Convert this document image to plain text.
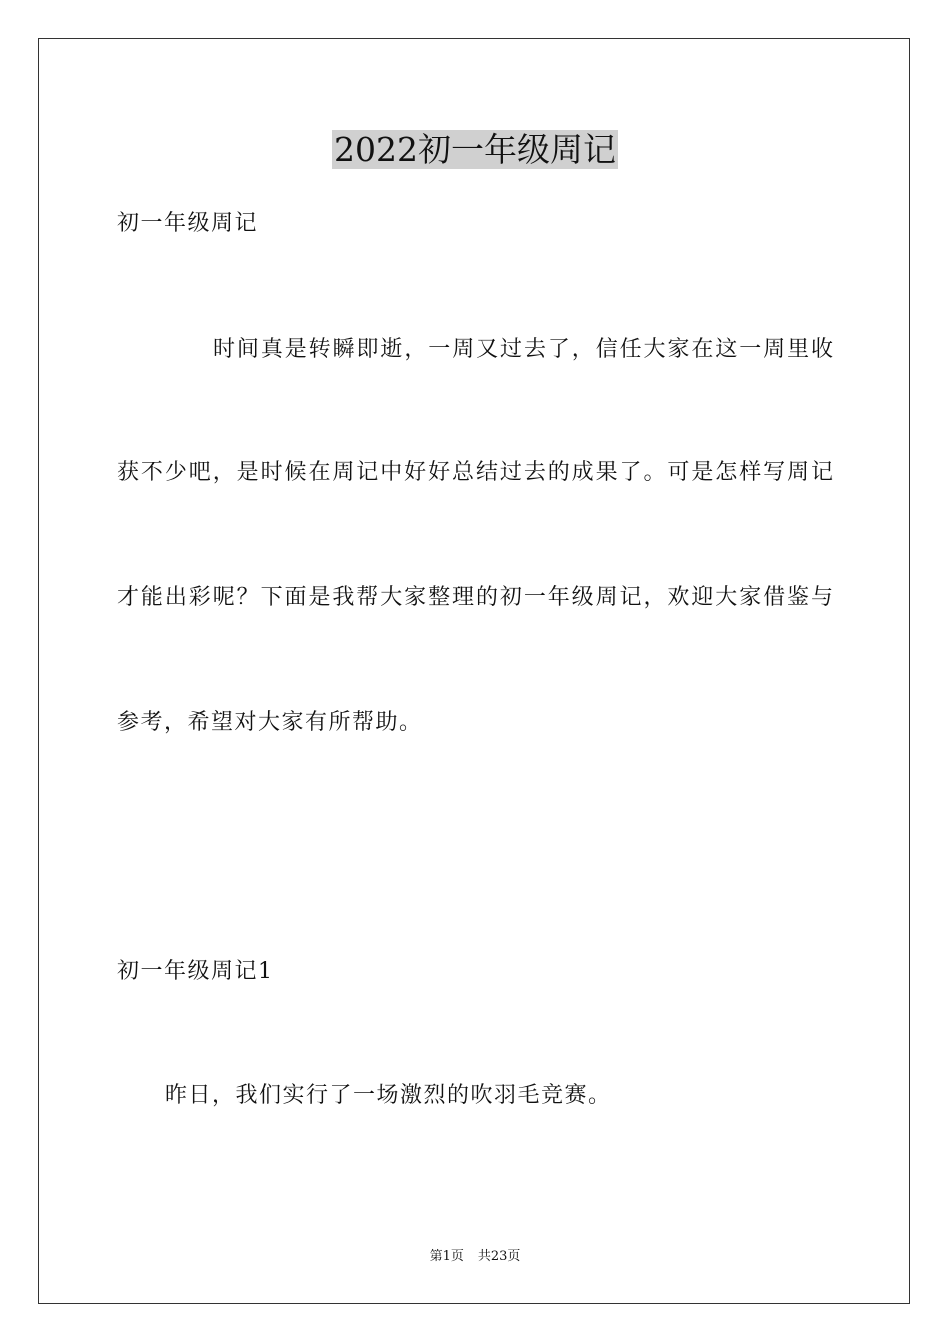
2022初一年级周记

初一年级周记

时间真是转瞬即逝，一周又过去了，信任大家在这一周里收

获不少吧，是时候在周记中好好总结过去的成果了。可是怎样写周记

才能出彩呢？下面是我帮大家整理的初一年级周记，欢迎大家借鉴与

参考，希望对大家有所帮助。

初一年级周记1

昨日，我们实行了一场激烈的吹羽毛竞赛。

第1页 共23页
